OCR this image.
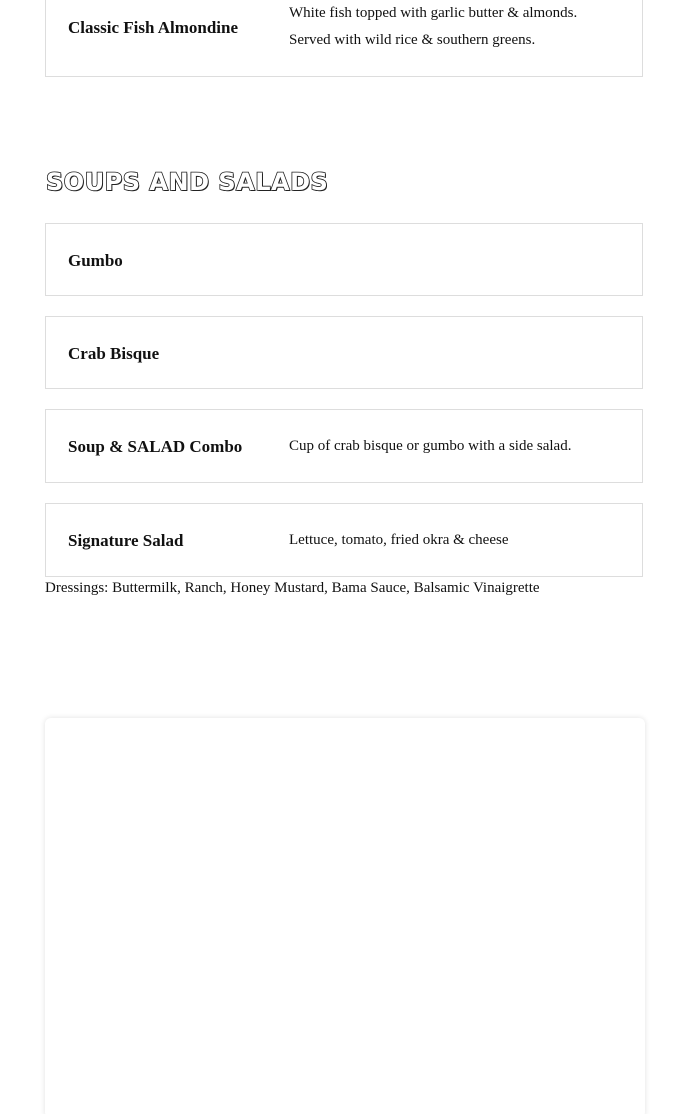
Classic Fish Almondine
White fish topped with garlic butter & almonds.
Served with wild rice & southern greens.
SOUPS AND SALADS
Gumbo
Crab Bisque
Soup & SALAD Combo	Cup of crab bisque or gumbo with a side salad.
Signature Salad	Lettuce, tomato, fried okra & cheese
Dressings: Buttermilk, Ranch, Honey Mustard, Bama Sauce, Balsamic Vinaigrette
